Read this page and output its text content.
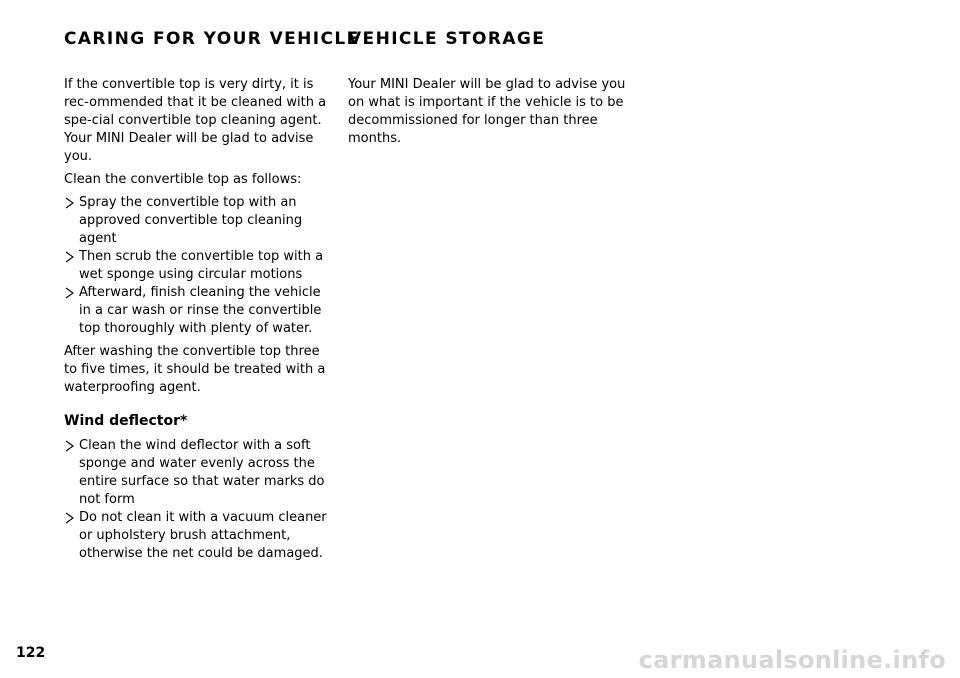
CARING FOR YOUR VEHICLE

If the convertible top is very dirty, it is rec-ommended that it be cleaned with a spe-cial convertible top cleaning agent. Your MINI Dealer will be glad to advise you.

Clean the convertible top as follows:

Spray the convertible top with an approved convertible top cleaning agent
Then scrub the convertible top with a wet sponge using circular motions
Afterward, finish cleaning the vehicle in a car wash or rinse the convertible top thoroughly with plenty of water.

After washing the convertible top three to five times, it should be treated with a waterproofing agent.

Wind deflector*
Clean the wind deflector with a soft sponge and water evenly across the entire surface so that water marks do not form
Do not clean it with a vacuum cleaner or upholstery brush attachment, otherwise the net could be damaged.
VEHICLE STORAGE

Your MINI Dealer will be glad to advise you on what is important if the vehicle is to be decommissioned for longer than three months.

122	carmanualsonline.info
